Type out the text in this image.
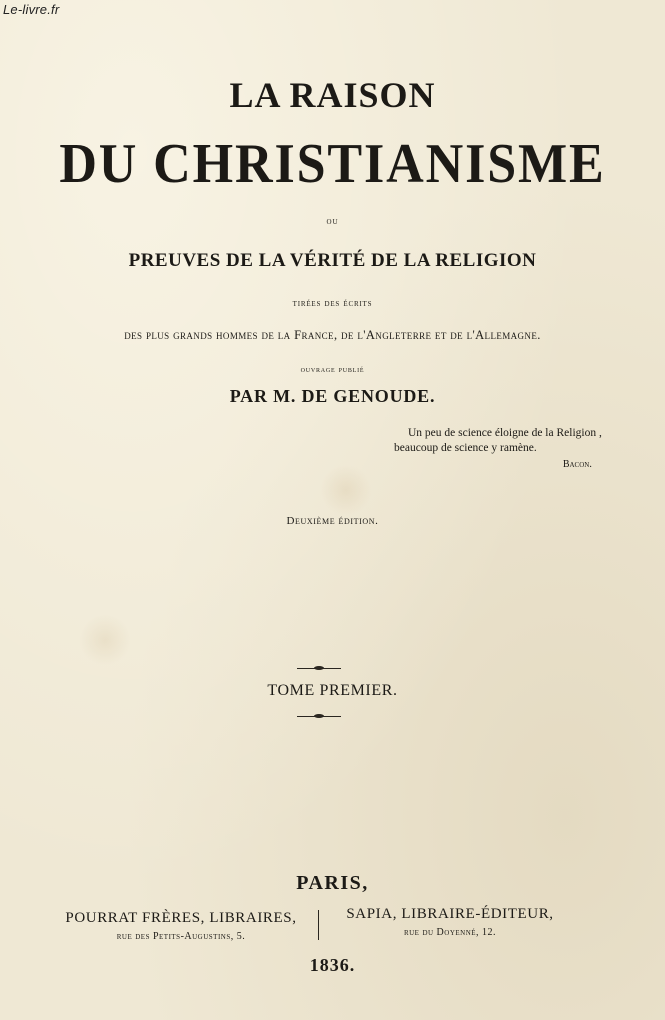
Le-livre.fr
LA RAISON
DU CHRISTIANISME
ou
PREUVES DE LA VÉRITÉ DE LA RELIGION
tirées des écrits
des plus grands hommes de la France, de l'Angleterre et de l'Allemagne.
ouvrage publié
PAR M. DE GENOUDE.
Un peu de science éloigne de la Religion ,
beaucoup de science y ramène.
Bacon.
Deuxième édition.
TOME PREMIER.
PARIS,
POURRAT FRÈRES, LIBRAIRES,
rue des Petits-Augustins, 5.
SAPIA, LIBRAIRE-ÉDITEUR,
rue du Doyenné, 12.
1836.
